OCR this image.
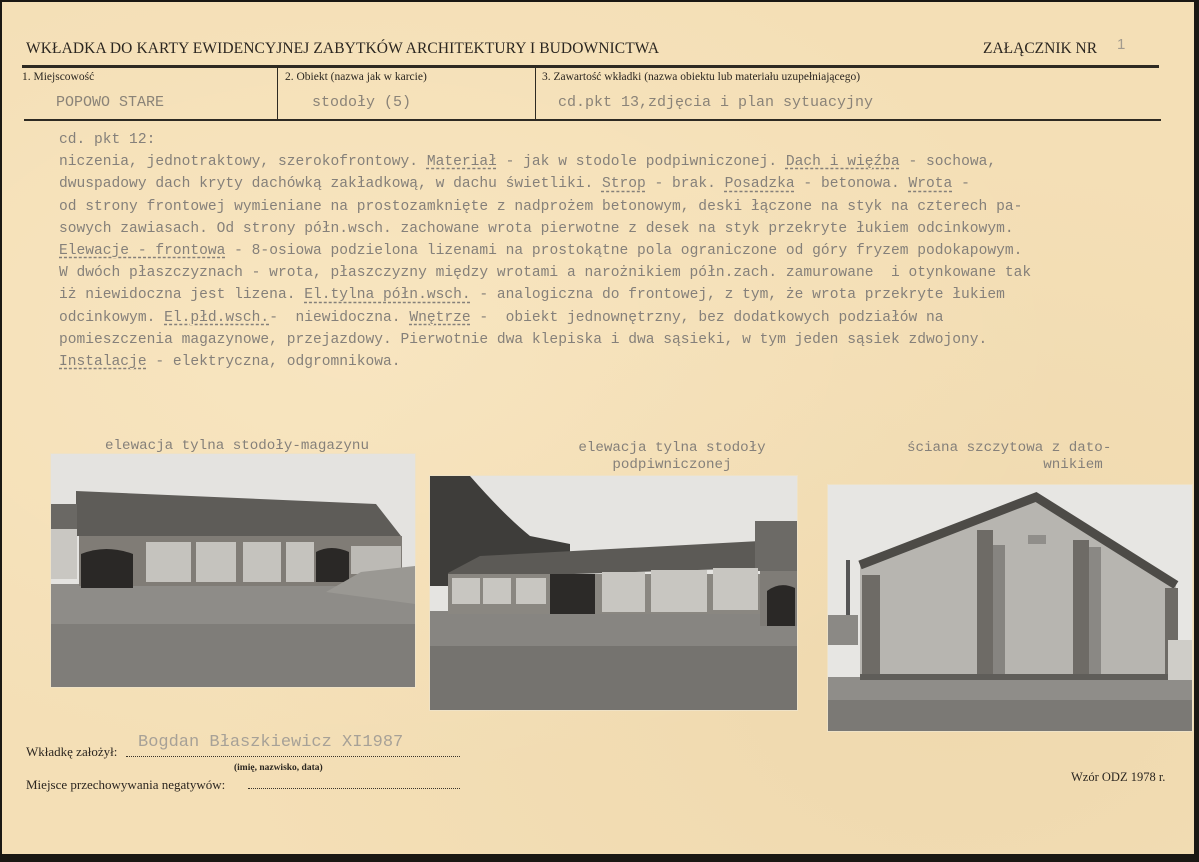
WKŁADKA DO KARTY EWIDENCYJNEJ ZABYTKÓW ARCHITEKTURY I BUDOWNICTWA	ZAŁĄCZNIK NR 1
1. Miejscowość
POPOWO STARE
2. Obiekt (nazwa jak w karcie)
stodoły (5)
3. Zawartość wkładki (nazwa obiektu lub materiału uzupełniającego)
cd.pkt 13,zdjęcia i plan sytuacyjny
cd. pkt 12:
niczenia, jednotraktowy, szerokofrontowy. Materiał - jak w stodole podpiwniczonej. Dach i więźba - sochowa,
dwuspadowy dach kryty dachówką zakładkową, w dachu świetliki. Strop - brak. Posadzka - betonowa. Wrota -
od strony frontowej wymieniane na prostozamknięte z nadprożem betonowym, deski łączone na styk na czterech pa-
sowych zawiasach. Od strony półn.wsch. zachowane wrota pierwotne z desek na styk przekryte łukiem odcinkowym.
Elewacje - frontowa - 8-osiowa podzielona lizenami na prostokątne pola ograniczone od góry fryzem podokapowym.
W dwóch płaszczyznach - wrota, płaszczyzny między wrotami a narożnikiem półn.zach. zamurowane  i otynkowane tak
iż niewidoczna jest lizena. El.tylna półn.wsch. - analogiczna do frontowej, z tym, że wrota przekryte łukiem
odcinkowym. El.płd.wsch.-  niewidoczna. Wnętrze -  obiekt jednownętrzny, bez dodatkowych podziałów na
pomieszczenia magazynowe, przejazdowy. Pierwotnie dwa klepiska i dwa sąsieki, w tym jeden sąsiek zdwojony.
Instalacje - elektryczna, odgromnikowa.
elewacja tylna stodoły-magazynu	elewacja tylna stodoły
podpiwniczonej
ściana szczytowa z dato-
wnikiem
Wkładkę założył: Bogdan Błaszkiewicz XI1987
(imię, nazwisko, data)
Miejsce przechowywania negatywów:	Wzór ODZ 1978 r.
